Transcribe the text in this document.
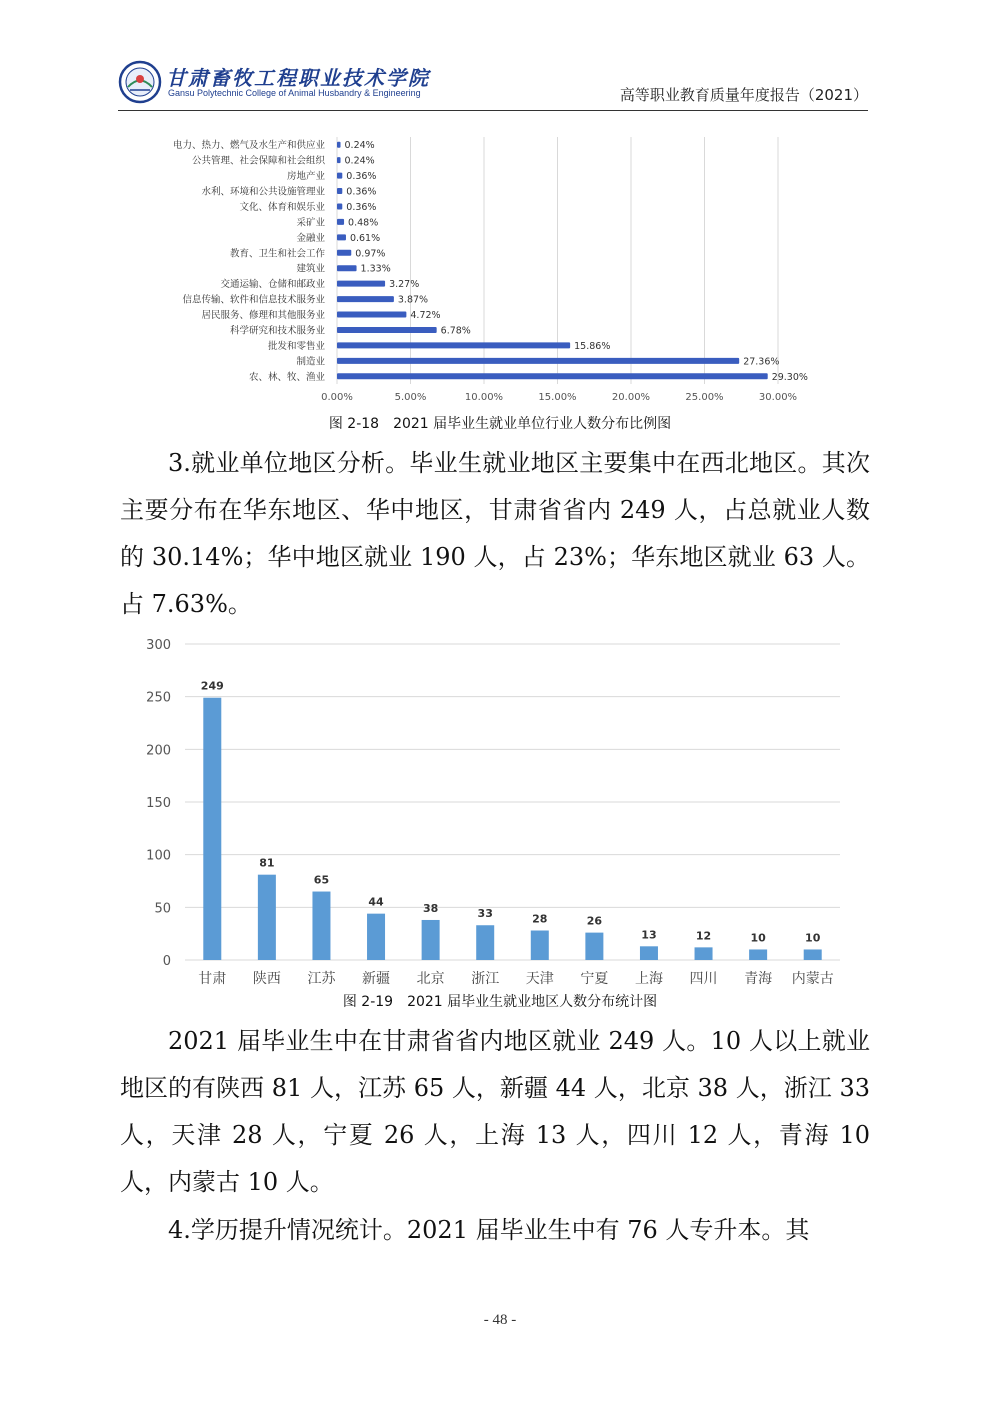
甘肃畜牧工程职业技术学院
Gansu Polytechnic College of Animal Husbandry & Engineering	高等职业教育质量年度报告（2021）
0.00%	5.00%	10.00%	15.00%	20.00%	25.00%	30.00%
电力、热力、燃气及水生产和供应业 0.24%
公共管理、社会保障和社会组织 0.24%
房地产业 0.36%
水利、环境和公共设施管理业 0.36%
文化、体育和娱乐业 0.36%
采矿业 0.48%
金融业	0.61%
教育、卫生和社会工作	0.97%
建筑业	1.33%
交通运输、仓储和邮政业	3.27%
信息传输、软件和信息技术服务业	3.87%
居民服务、修理和其他服务业	4.72%
科学研究和技术服务业	6.78%
批发和零售业	15.86%
制造业	27.36%
农、林、牧、渔业	29.30%
图 2-18　2021 届毕业生就业单位行业人数分布比例图

3.就业单位地区分析。毕业生就业地区主要集中在西北地区。其次主要分布在华东地区、华中地区，甘肃省省内 249 人，占总就业人数的 30.14%；华中地区就业 190 人，占 23%；华东地区就业 63 人。占 7.63%。

0
50
100
150
200
250
300
249
甘肃
81
陕西
65
江苏
44
新疆
38
北京
33
浙江
28
天津
26
宁夏
13
上海
12
四川
10
青海
10
内蒙古
图 2-19　2021 届毕业生就业地区人数分布统计图

2021 届毕业生中在甘肃省省内地区就业 249 人。10 人以上就业地区的有陕西 81 人，江苏 65 人，新疆 44 人，北京 38 人，浙江 33 人，天津 28 人，宁夏 26 人，上海 13 人，四川 12 人，青海 10 人，内蒙古 10 人。

4.学历提升情况统计。2021 届毕业生中有 76 人专升本。其

- 48 -
